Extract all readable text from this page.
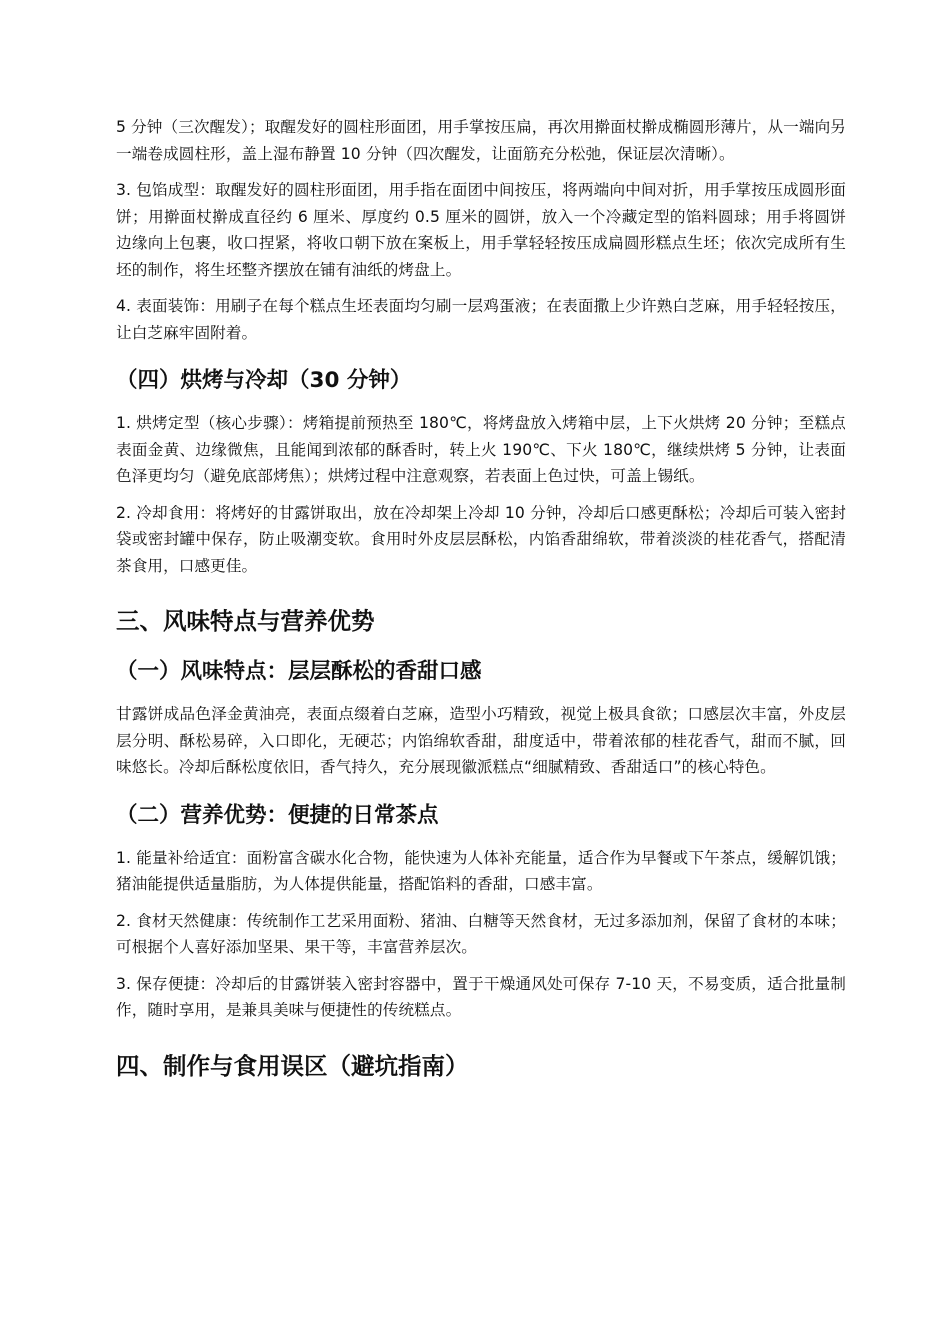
5 分钟（三次醒发）；取醒发好的圆柱形面团，用手掌按压扁，再次用擀面杖擀成椭圆形薄片，从一端向另一端卷成圆柱形，盖上湿布静置 10 分钟（四次醒发，让面筋充分松弛，保证层次清晰）。

3. 包馅成型：取醒发好的圆柱形面团，用手指在面团中间按压，将两端向中间对折，用手掌按压成圆形面饼；用擀面杖擀成直径约 6 厘米、厚度约 0.5 厘米的圆饼，放入一个冷藏定型的馅料圆球；用手将圆饼边缘向上包裹，收口捏紧，将收口朝下放在案板上，用手掌轻轻按压成扁圆形糕点生坯；依次完成所有生坯的制作，将生坯整齐摆放在铺有油纸的烤盘上。

4. 表面装饰：用刷子在每个糕点生坯表面均匀刷一层鸡蛋液；在表面撒上少许熟白芝麻，用手轻轻按压，让白芝麻牢固附着。

（四）烘烤与冷却（30 分钟）

1. 烘烤定型（核心步骤）：烤箱提前预热至 180℃，将烤盘放入烤箱中层，上下火烘烤 20 分钟；至糕点表面金黄、边缘微焦，且能闻到浓郁的酥香时，转上火 190℃、下火 180℃，继续烘烤 5 分钟，让表面色泽更均匀（避免底部烤焦）；烘烤过程中注意观察，若表面上色过快，可盖上锡纸。

2. 冷却食用：将烤好的甘露饼取出，放在冷却架上冷却 10 分钟，冷却后口感更酥松；冷却后可装入密封袋或密封罐中保存，防止吸潮变软。食用时外皮层层酥松，内馅香甜绵软，带着淡淡的桂花香气，搭配清茶食用，口感更佳。

三、风味特点与营养优势
（一）风味特点：层层酥松的香甜口感

甘露饼成品色泽金黄油亮，表面点缀着白芝麻，造型小巧精致，视觉上极具食欲；口感层次丰富，外皮层层分明、酥松易碎，入口即化，无硬芯；内馅绵软香甜，甜度适中，带着浓郁的桂花香气，甜而不腻，回味悠长。冷却后酥松度依旧，香气持久，充分展现徽派糕点“细腻精致、香甜适口”的核心特色。

（二）营养优势：便捷的日常茶点

1. 能量补给适宜：面粉富含碳水化合物，能快速为人体补充能量，适合作为早餐或下午茶点，缓解饥饿；猪油能提供适量脂肪，为人体提供能量，搭配馅料的香甜，口感丰富。

2. 食材天然健康：传统制作工艺采用面粉、猪油、白糖等天然食材，无过多添加剂，保留了食材的本味；可根据个人喜好添加坚果、果干等，丰富营养层次。

3. 保存便捷：冷却后的甘露饼装入密封容器中，置于干燥通风处可保存 7-10 天，不易变质，适合批量制作，随时享用，是兼具美味与便捷性的传统糕点。

四、制作与食用误区（避坑指南）
